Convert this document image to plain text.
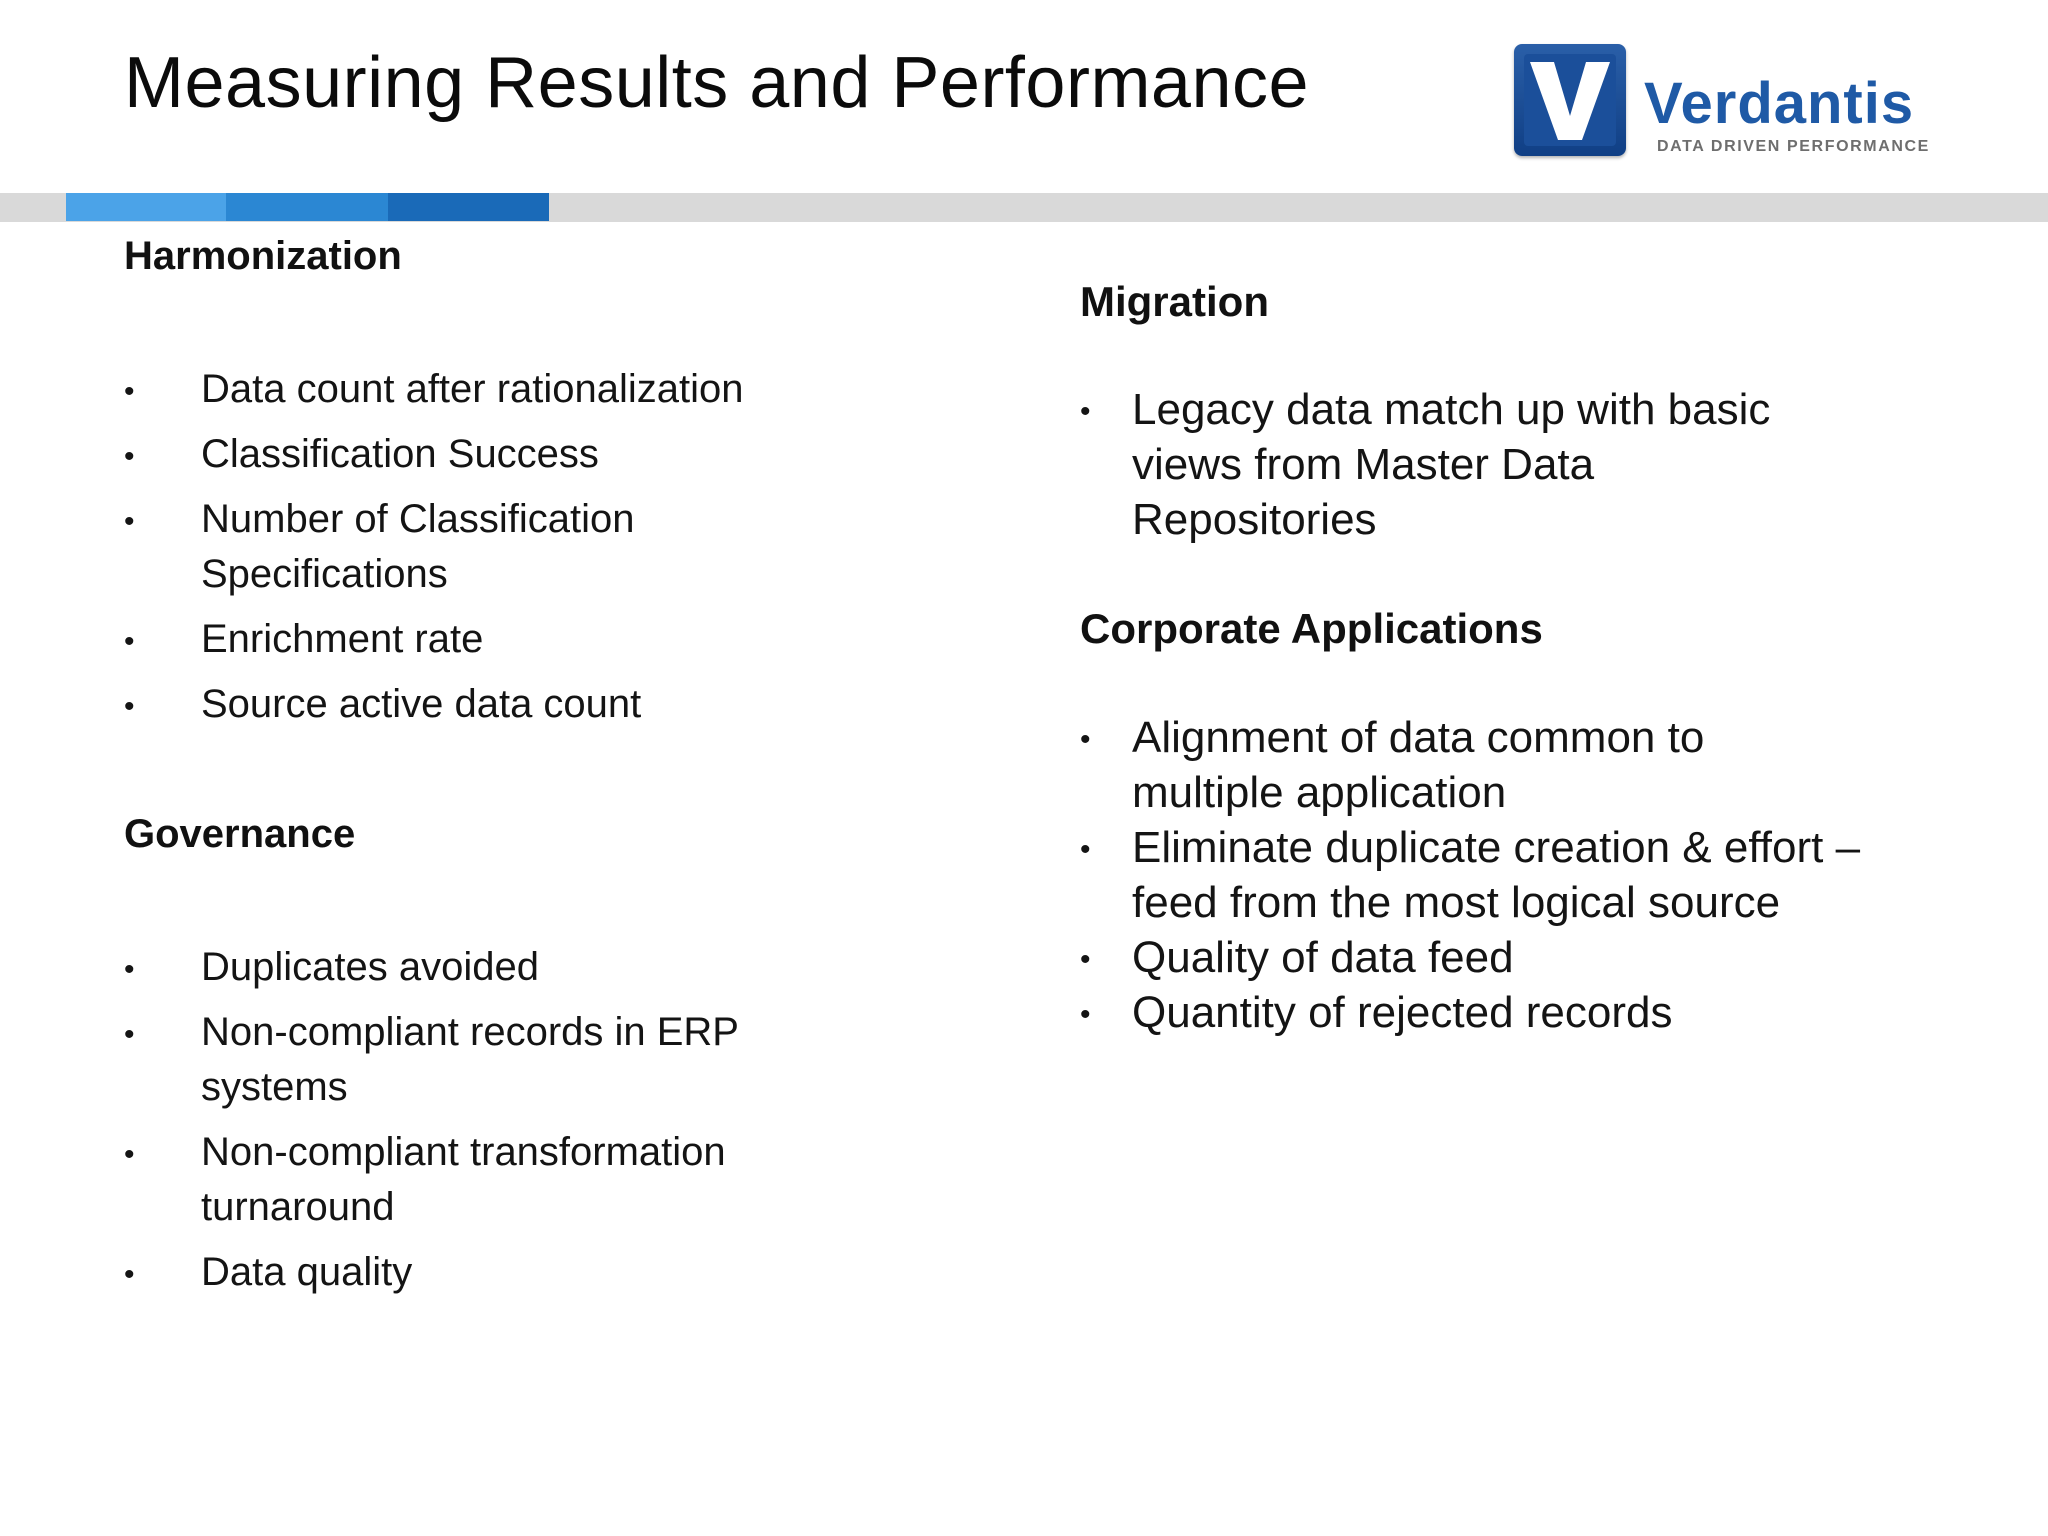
Measuring Results and Performance	Verdantis
DATA DRIVEN PERFORMANCE
Harmonization
• Data count after rationalization
• Classification Success
• Number of Classification Specifications
• Enrichment rate
• Source active data count
Governance
• Duplicates avoided
• Non-compliant records in ERP systems
• Non-compliant transformation turnaround
• Data quality
Migration
• Legacy data match up with basic views from Master Data Repositories
Corporate Applications
• Alignment of data common to multiple application
• Eliminate duplicate creation & effort –feed from the most logical source
• Quality of data feed
• Quantity of rejected records
